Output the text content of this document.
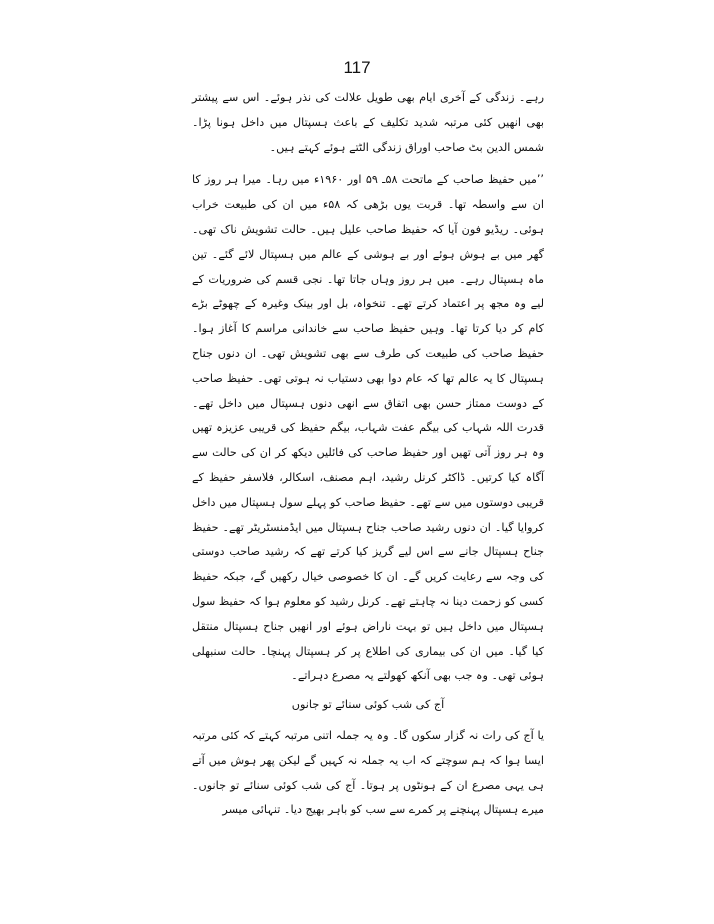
117

رہے۔ زندگی کے آخری ایام بھی طویل علالت کی نذر ہوئے۔ اس سے پیشتر بھی انھیں کئی مرتبہ شدید تکلیف کے باعث ہسپتال میں داخل ہونا پڑا۔ شمس الدین بٹ صاحب اوراق زندگی الٹتے ہوئے کہتے ہیں۔

’’میں حفیظ صاحب کے ماتحت ۵۸ـ ۵۹ اور ۱۹۶۰ء میں رہا۔ میرا ہر روز کا ان سے واسطہ تھا۔ قربت یوں بڑھی کہ ۵۸ء میں ان کی طبیعت خراب ہوئی۔ ریڈیو فون آیا کہ حفیظ صاحب علیل ہیں۔ حالت تشویش ناک تھی۔ گھر میں بے ہوش ہوئے اور بے ہوشی کے عالم میں ہسپتال لائے گئے۔ تین ماہ ہسپتال رہے۔ میں ہر روز وہاں جاتا تھا۔ نجی قسم کی ضروریات کے لیے وہ مجھ پر اعتماد کرتے تھے۔ تنخواہ، بل اور بینک وغیرہ کے چھوٹے بڑے کام کر دیا کرتا تھا۔ وہیں حفیظ صاحب سے خاندانی مراسم کا آغاز ہوا۔ حفیظ صاحب کی طبیعت کی طرف سے بھی تشویش تھی۔ ان دنوں جناح ہسپتال کا یہ عالم تھا کہ عام دوا بھی دستیاب نہ ہوتی تھی۔ حفیظ صاحب کے دوست ممتاز حسن بھی اتفاق سے انھی دنوں ہسپتال میں داخل تھے۔ قدرت اللہ شہاب کی بیگم عفت شہاب، بیگم حفیظ کی قریبی عزیزہ تھیں وہ ہر روز آتی تھیں اور حفیظ صاحب کی فائلیں دیکھ کر ان کی حالت سے آگاہ کیا کرتیں۔ ڈاکٹر کرنل رشید، اہم مصنف، اسکالر، فلاسفر حفیظ کے قریبی دوستوں میں سے تھے۔ حفیظ صاحب کو پہلے سول ہسپتال میں داخل کروایا گیا۔ ان دنوں رشید صاحب جناح ہسپتال میں ایڈمنسٹریٹر تھے۔ حفیظ جناح ہسپتال جانے سے اس لیے گریز کیا کرتے تھے کہ رشید صاحب دوستی کی وجہ سے رعایت کریں گے۔ ان کا خصوصی خیال رکھیں گے، جبکہ حفیظ کسی کو زحمت دینا نہ چاہتے تھے۔ کرنل رشید کو معلوم ہوا کہ حفیظ سول ہسپتال میں داخل ہیں تو بہت ناراض ہوئے اور انھیں جناح ہسپتال منتقل کیا گیا۔ میں ان کی بیماری کی اطلاع پر کر ہسپتال پہنچا۔ حالت سنبھلی ہوئی تھی۔ وہ جب بھی آنکھ کھولتے یہ مصرع دہراتے۔

آج کی شب کوئی سنائے تو جانوں

یا آج کی رات نہ گزار سکوں گا۔ وہ یہ جملہ اتنی مرتبہ کہتے کہ کئی مرتبہ ایسا ہوا کہ ہم سوچتے کہ اب یہ جملہ نہ کہیں گے لیکن پھر ہوش میں آتے ہی یہی مصرع ان کے ہونٹوں پر ہوتا۔ آج کی شب کوئی سنائے تو جانوں۔ میرے ہسپتال پہنچنے پر کمرے سے سب کو باہر بھیج دیا۔ تنہائی میسر
